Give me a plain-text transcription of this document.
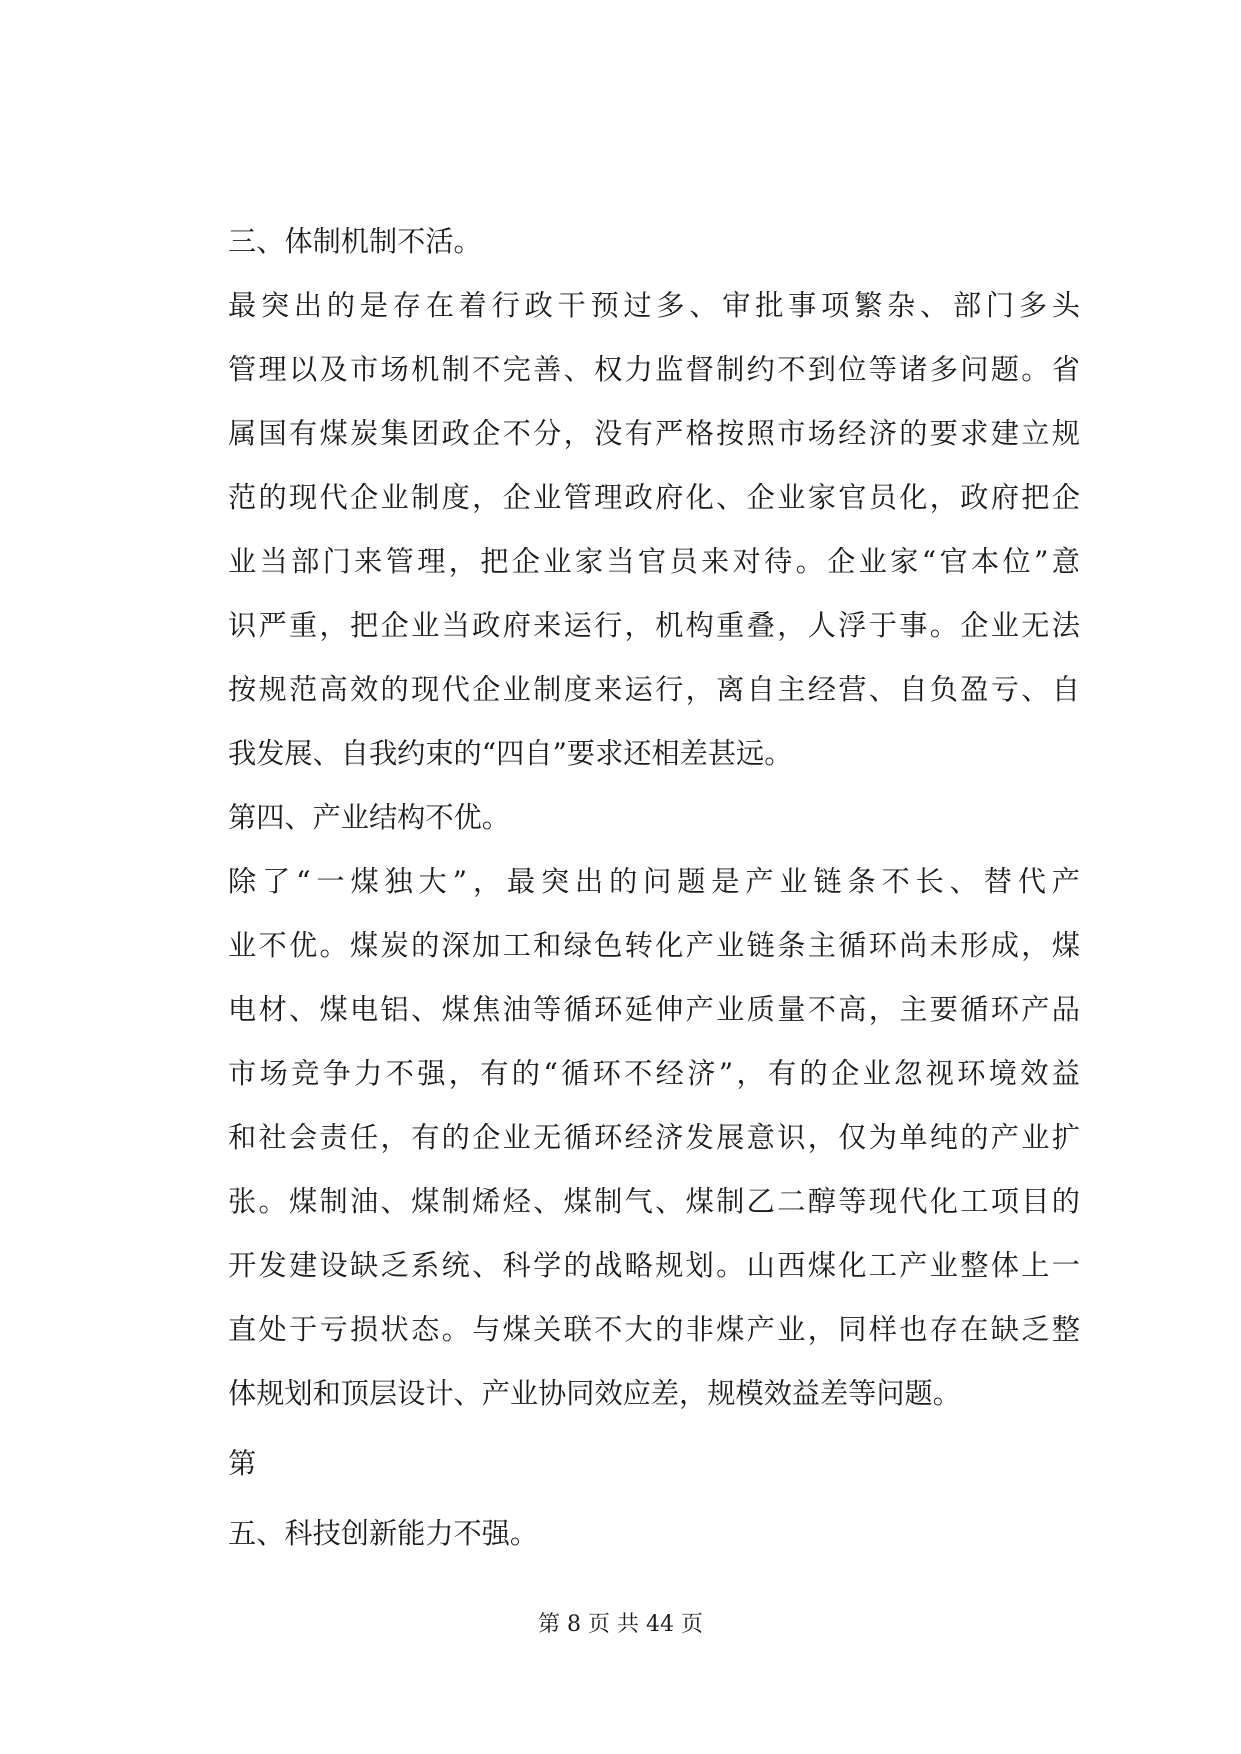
三、体制机制不活。
最突出的是存在着行政干预过多、审批事项繁杂、部门多头
管理以及市场机制不完善、权力监督制约不到位等诸多问题。省
属国有煤炭集团政企不分，没有严格按照市场经济的要求建立规
范的现代企业制度，企业管理政府化、企业家官员化，政府把企
业当部门来管理，把企业家当官员来对待。企业家“官本位”意
识严重，把企业当政府来运行，机构重叠，人浮于事。企业无法
按规范高效的现代企业制度来运行，离自主经营、自负盈亏、自
我发展、自我约束的“四自”要求还相差甚远。
第四、产业结构不优。
除了“一煤独大”，最突出的问题是产业链条不长、替代产
业不优。煤炭的深加工和绿色转化产业链条主循环尚未形成，煤
电材、煤电铝、煤焦油等循环延伸产业质量不高，主要循环产品
市场竞争力不强，有的“循环不经济”，有的企业忽视环境效益
和社会责任，有的企业无循环经济发展意识，仅为单纯的产业扩
张。煤制油、煤制烯烃、煤制气、煤制乙二醇等现代化工项目的
开发建设缺乏系统、科学的战略规划。山西煤化工产业整体上一
直处于亏损状态。与煤关联不大的非煤产业，同样也存在缺乏整
体规划和顶层设计、产业协同效应差，规模效益差等问题。
第
五、科技创新能力不强。
第 8 页 共 44 页
